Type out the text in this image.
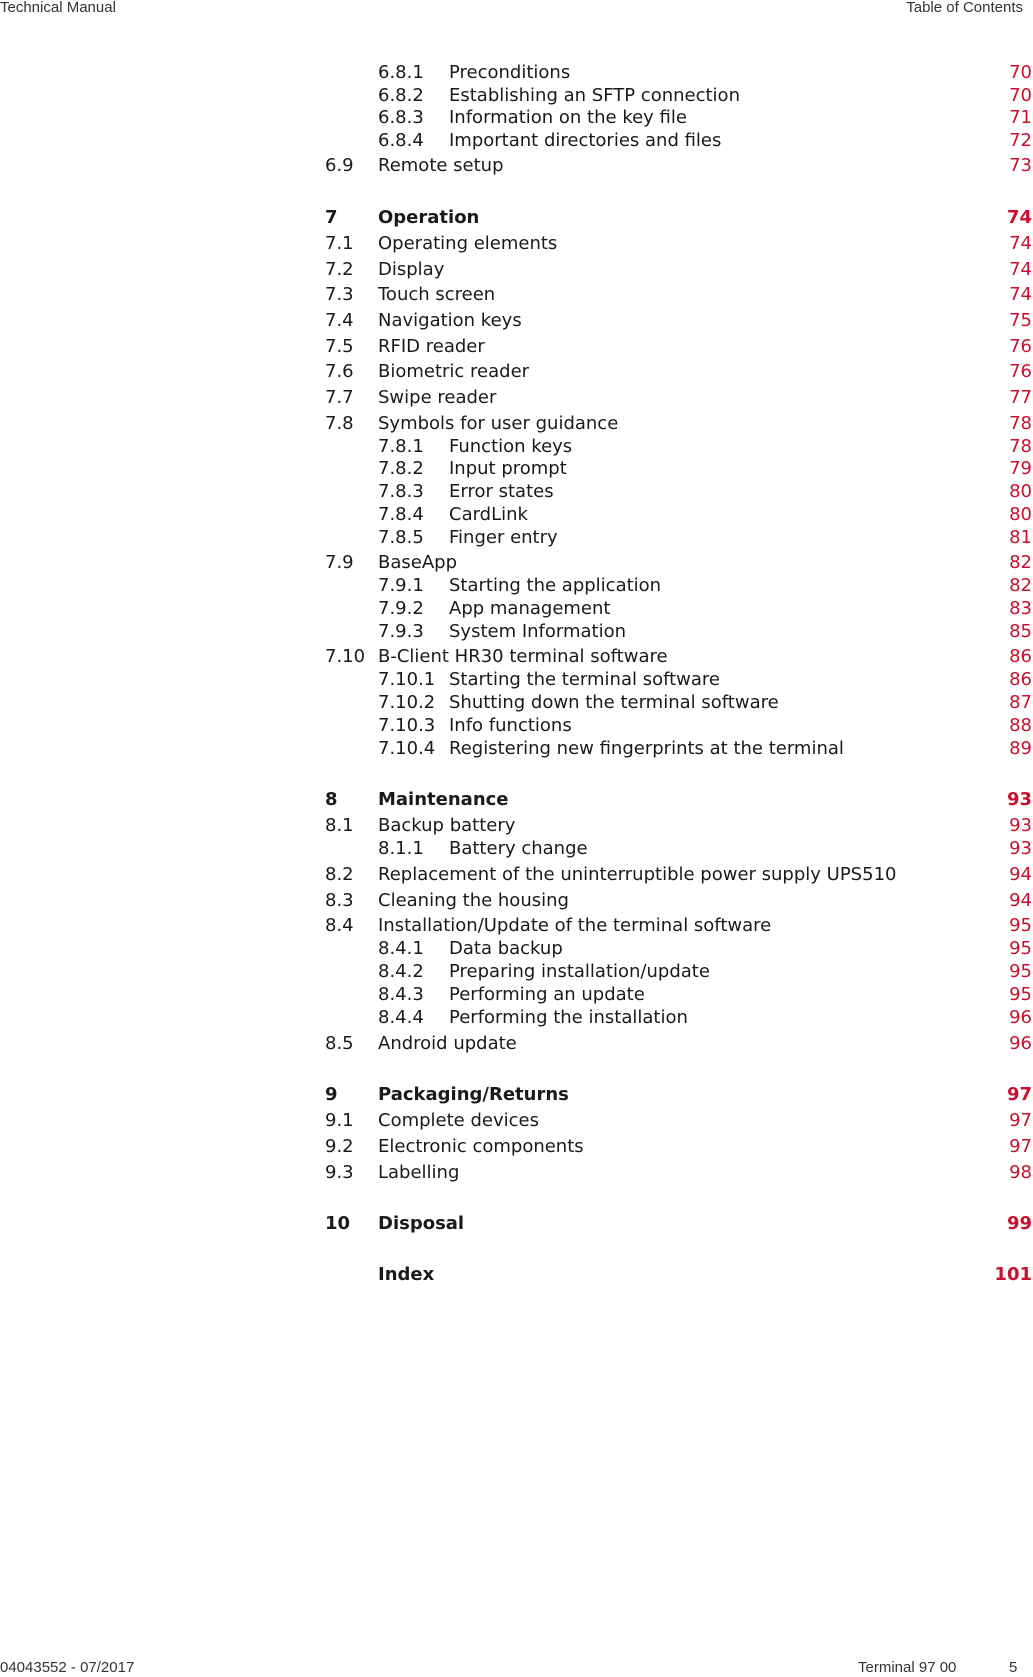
Technical Manual	Table of Contents
6.8.1 Preconditions	70
6.8.2 Establishing an SFTP connection	70
6.8.3 Information on the key file	71
6.8.4 Important directories and files	72
6.9 Remote setup	73
7 Operation	74
7.1 Operating elements	74
7.2 Display	74
7.3 Touch screen	74
7.4 Navigation keys	75
7.5 RFID reader	76
7.6 Biometric reader	76
7.7 Swipe reader	77
7.8 Symbols for user guidance	78
7.8.1 Function keys	78
7.8.2 Input prompt	79
7.8.3 Error states	80
7.8.4 CardLink	80
7.8.5 Finger entry	81
7.9 BaseApp	82
7.9.1 Starting the application	82
7.9.2 App management	83
7.9.3 System Information	85
7.10 B-Client HR30 terminal software	86
7.10.1 Starting the terminal software	86
7.10.2 Shutting down the terminal software	87
7.10.3 Info functions	88
7.10.4 Registering new fingerprints at the terminal	89
8 Maintenance	93
8.1 Backup battery	93
8.1.1 Battery change	93
8.2 Replacement of the uninterruptible power supply UPS510	94
8.3 Cleaning the housing	94
8.4 Installation/Update of the terminal software	95
8.4.1 Data backup	95
8.4.2 Preparing installation/update	95
8.4.3 Performing an update	95
8.4.4 Performing the installation	96
8.5 Android update	96
9 Packaging/Returns	97
9.1 Complete devices	97
9.2 Electronic components	97
9.3 Labelling	98
10 Disposal	99
Index	101
04043552 - 07/2017	Terminal 97 00	5
